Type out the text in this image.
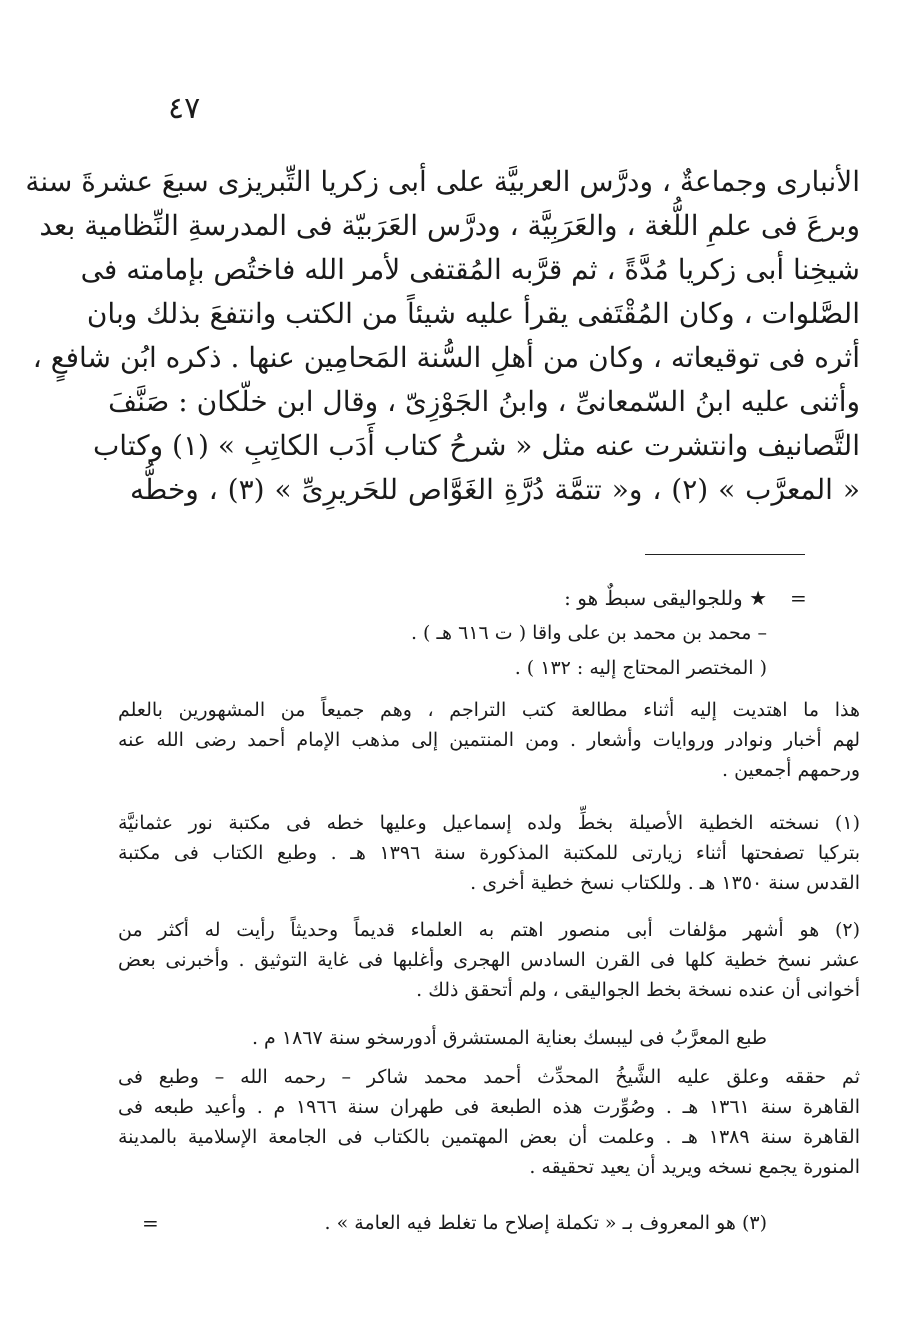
٤٧
الأنبارى وجماعةٌ ، ودرَّس العربيَّة على أبى زكريا التِّبريزى سبعَ عشرةَ سنة
وبرعَ فى علمِ اللُّغة ، والعَرَبِيَّة ، ودرَّس العَرَبيّة فى المدرسةِ النِّظامية بعد
شيخِنا أبى زكريا مُدَّةً ، ثم قرَّبه المُقتفى لأمر الله فاختُص بإمامته فى
الصَّلوات ، وكان المُقْتَفى يقرأ عليه شيئاً من الكتب وانتفعَ بذلك وبان
أثره فى توقيعاته ، وكان من أهلِ السُّنة المَحامِين عنها . ذكره ابُن شافعٍ ،
وأثنى عليه ابنُ السّمعانىِّ ، وابنُ الجَوْزِىّ ، وقال ابن خلّكان : صَنَّفَ
التَّصانيف وانتشرت عنه مثل « شرحُ كتاب أَدَب الكاتِبِ » (١) وكتاب
« المعرَّب » (٢) ، و« تتمَّة دُرَّةِ الغَوَّاص للحَريرِىِّ » (٣) ، وخطُّه
=
★ وللجواليقى سبطٌ هو :
– محمد بن محمد بن على واقا ( ت ٦١٦ هـ ) .
( المختصر المحتاج إليه : ١٣٢ ) .
هذا ما اهتديت إليه أثناء مطالعة كتب التراجم ، وهم جميعاً من المشهورين بالعلم
لهم أخبار ونوادر وروايات وأشعار . ومن المنتمين إلى مذهب الإمام أحمد رضى الله عنه
ورحمهم أجمعين .
(١) نسخته الخطية الأصيلة بخطِّ ولده إسماعيل وعليها خطه فى مكتبة نور عثمانيَّة
بتركيا تصفحتها أثناء زيارتى للمكتبة المذكورة سنة ١٣٩٦ هـ . وطبع الكتاب فى مكتبة
القدس سنة ١٣٥٠ هـ . وللكتاب نسخ خطية أخرى .
(٢) هو أشهر مؤلفات أبى منصور اهتم به العلماء قديماً وحديثاً رأيت له أكثر من
عشر نسخ خطية كلها فى القرن السادس الهجرى وأغلبها فى غاية التوثيق . وأخبرنى بعض
أخوانى أن عنده نسخة بخط الجواليقى ، ولم أتحقق ذلك .
طبع المعرَّبُ فى ليبسك بعناية المستشرق أدورسخو سنة ١٨٦٧ م .
ثم حققه وعلق عليه الشَّيخُ المحدِّث أحمد محمد شاكر – رحمه الله – وطبع فى
القاهرة سنة ١٣٦١ هـ . وصُوِّرت هذه الطبعة فى طهران سنة ١٩٦٦ م . وأعيد طبعه فى
القاهرة سنة ١٣٨٩ هـ . وعلمت أن بعض المهتمين بالكتاب فى الجامعة الإسلامية بالمدينة
المنورة يجمع نسخه ويريد أن يعيد تحقيقه .
(٣) هو المعروف بـ « تكملة إصلاح ما تغلط فيه العامة » .
=
